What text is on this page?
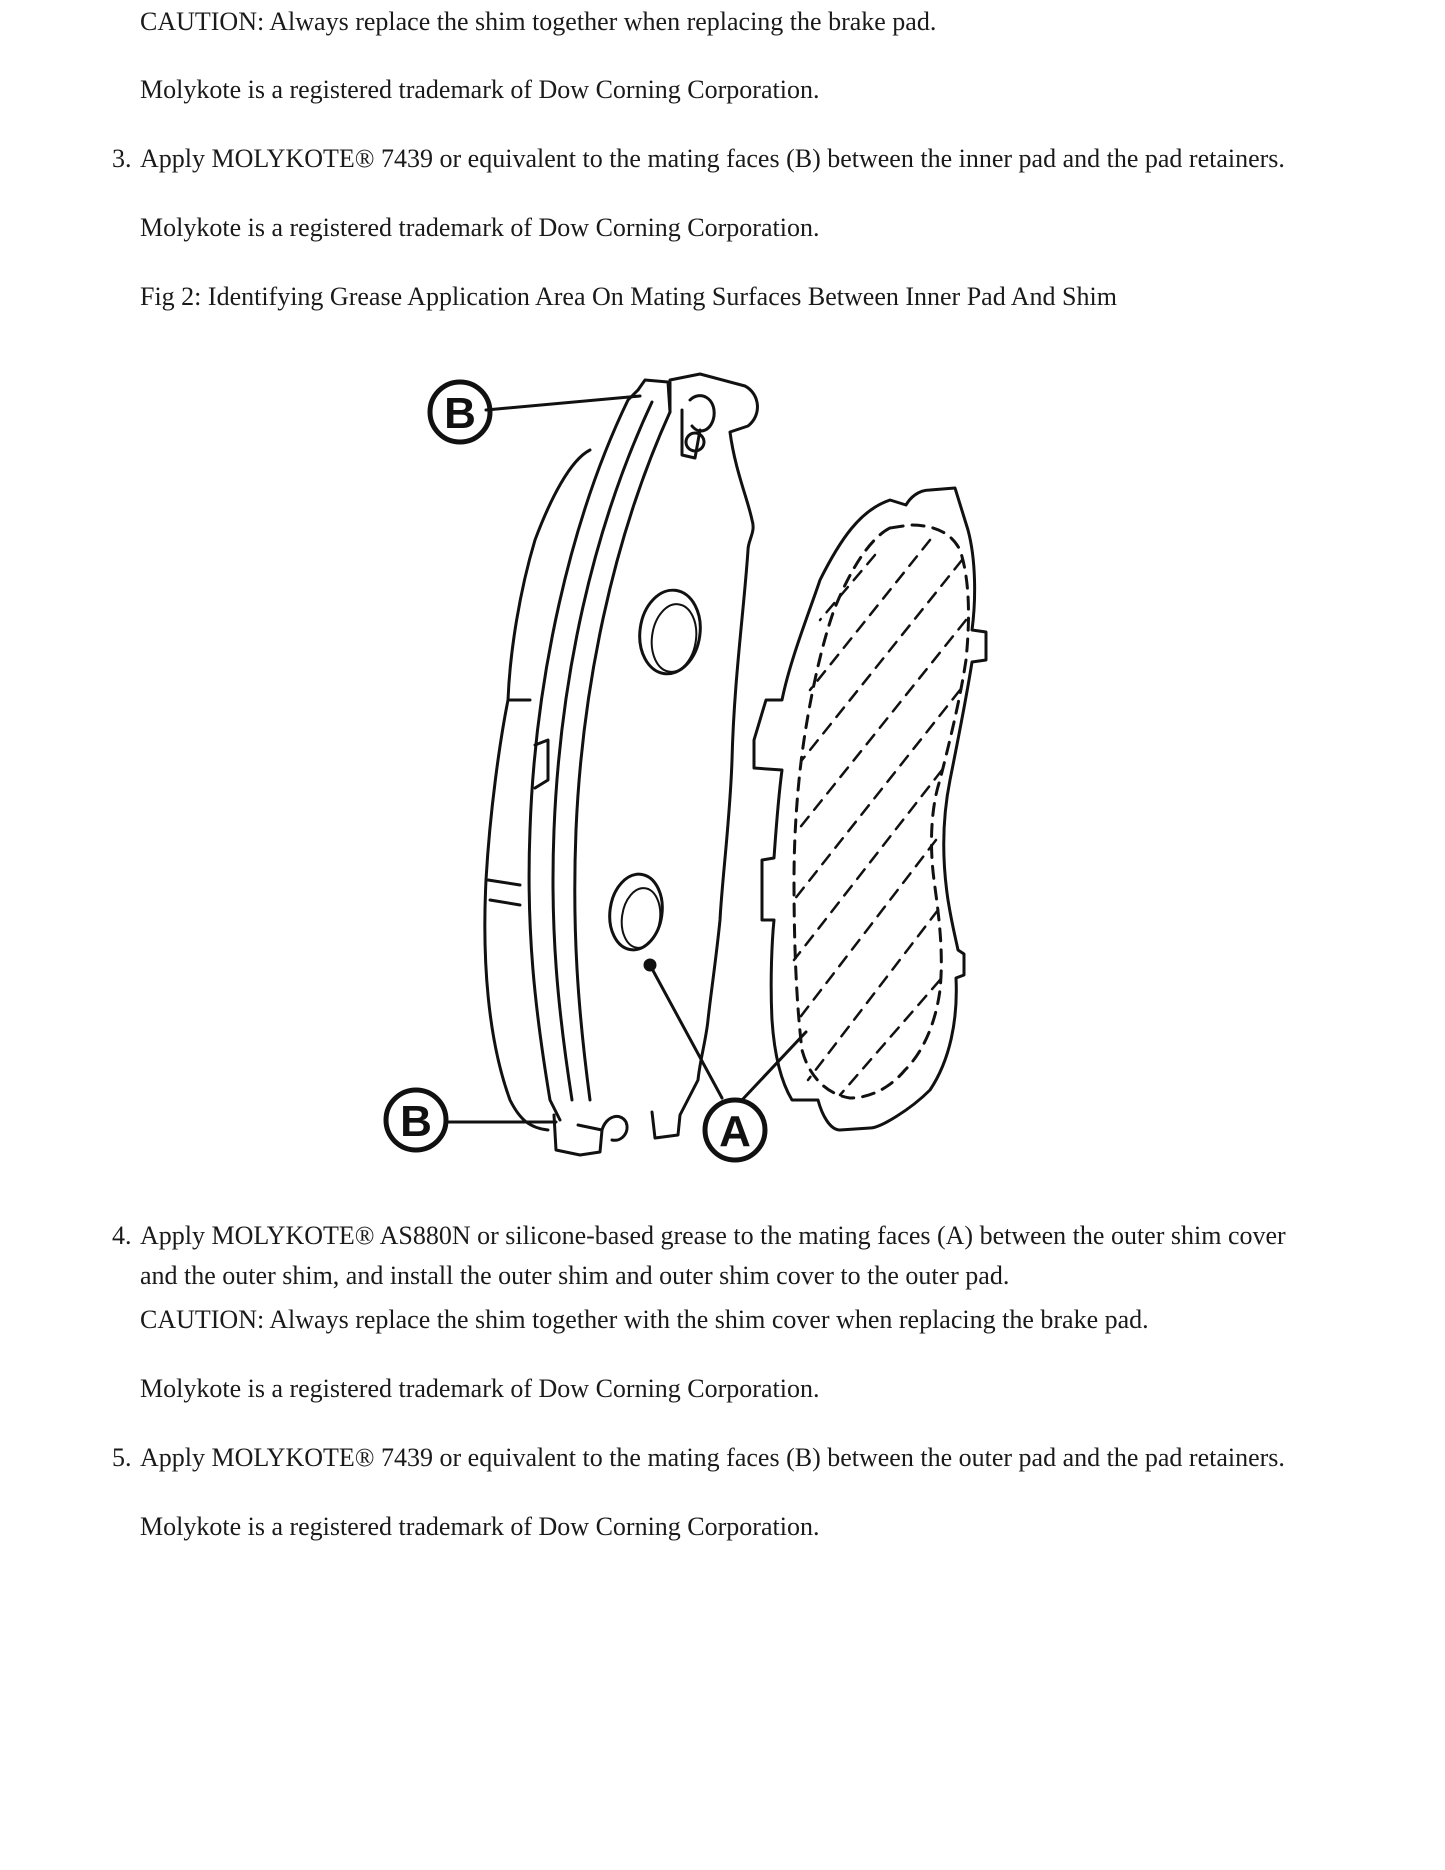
CAUTION: Always replace the shim together when replacing the brake pad.
Molykote is a registered trademark of Dow Corning Corporation.
3. Apply MOLYKOTE® 7439 or equivalent to the mating faces (B) between the inner pad and the pad retainers.
Molykote is a registered trademark of Dow Corning Corporation.
Fig 2: Identifying Grease Application Area On Mating Surfaces Between Inner Pad And Shim
B
B	A
4. Apply MOLYKOTE® AS880N or silicone-based grease to the mating faces (A) between the outer shim cover
and the outer shim, and install the outer shim and outer shim cover to the outer pad.
CAUTION: Always replace the shim together with the shim cover when replacing the brake pad.
Molykote is a registered trademark of Dow Corning Corporation.
5. Apply MOLYKOTE® 7439 or equivalent to the mating faces (B) between the outer pad and the pad retainers.
Molykote is a registered trademark of Dow Corning Corporation.
